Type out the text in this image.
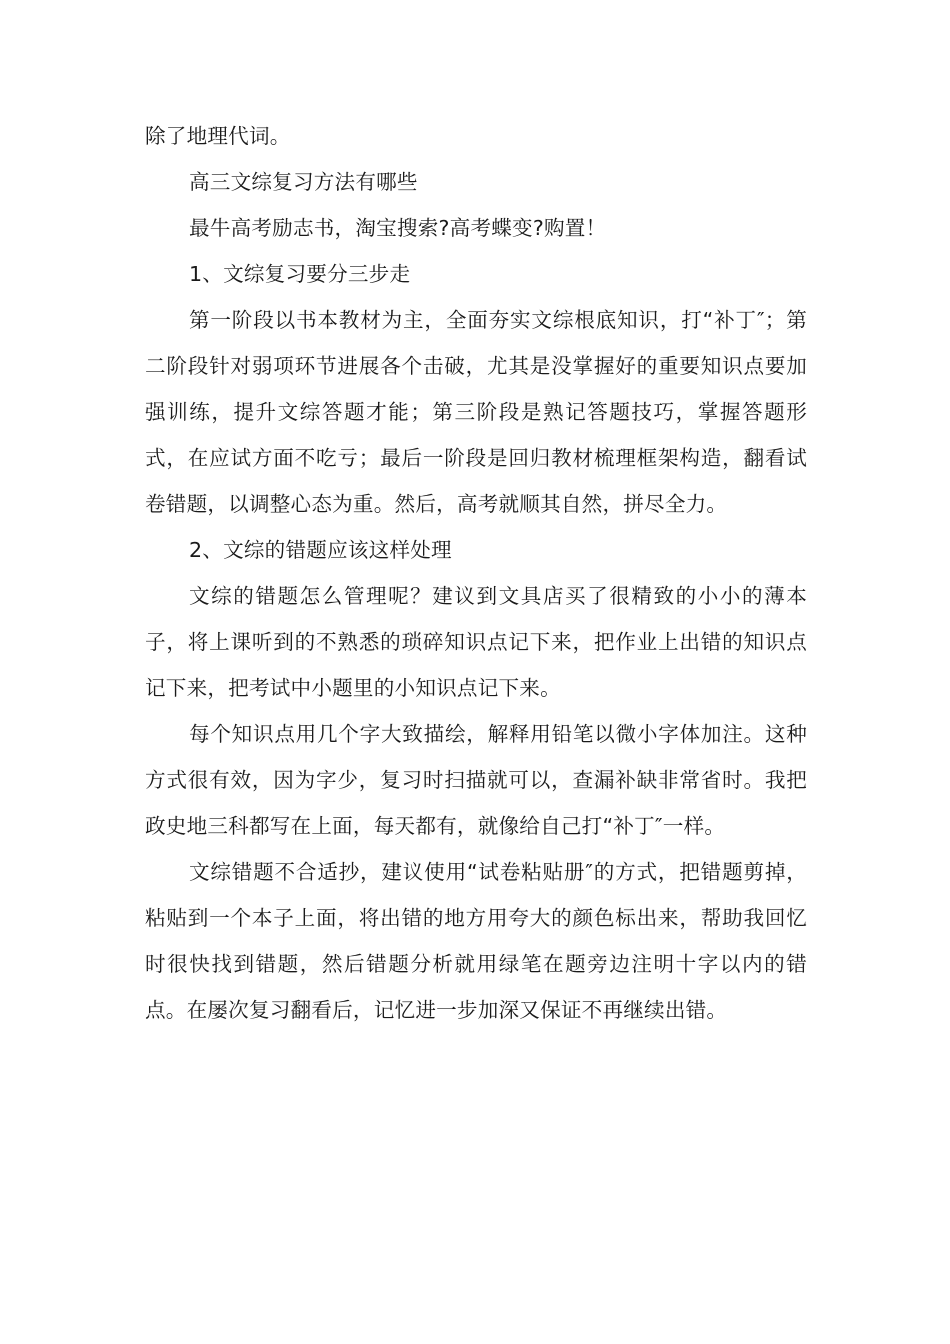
除了地理代词。

高三文综复习方法有哪些

最牛高考励志书，淘宝搜索?高考蝶变?购置！

1、文综复习要分三步走

第一阶段以书本教材为主，全面夯实文综根底知识，打“补丁″；第二阶段针对弱项环节进展各个击破，尤其是没掌握好的重要知识点要加强训练，提升文综答题才能；第三阶段是熟记答题技巧，掌握答题形式，在应试方面不吃亏；最后一阶段是回归教材梳理框架构造，翻看试卷错题，以调整心态为重。然后，高考就顺其自然，拼尽全力。

2、文综的错题应该这样处理

文综的错题怎么管理呢？建议到文具店买了很精致的小小的薄本子，将上课听到的不熟悉的琐碎知识点记下来，把作业上出错的知识点记下来，把考试中小题里的小知识点记下来。

每个知识点用几个字大致描绘，解释用铅笔以微小字体加注。这种方式很有效，因为字少，复习时扫描就可以，查漏补缺非常省时。我把政史地三科都写在上面，每天都有，就像给自己打“补丁″一样。

文综错题不合适抄，建议使用“试卷粘贴册″的方式，把错题剪掉，粘贴到一个本子上面，将出错的地方用夸大的颜色标出来，帮助我回忆时很快找到错题，然后错题分析就用绿笔在题旁边注明十字以内的错点。在屡次复习翻看后，记忆进一步加深又保证不再继续出错。
